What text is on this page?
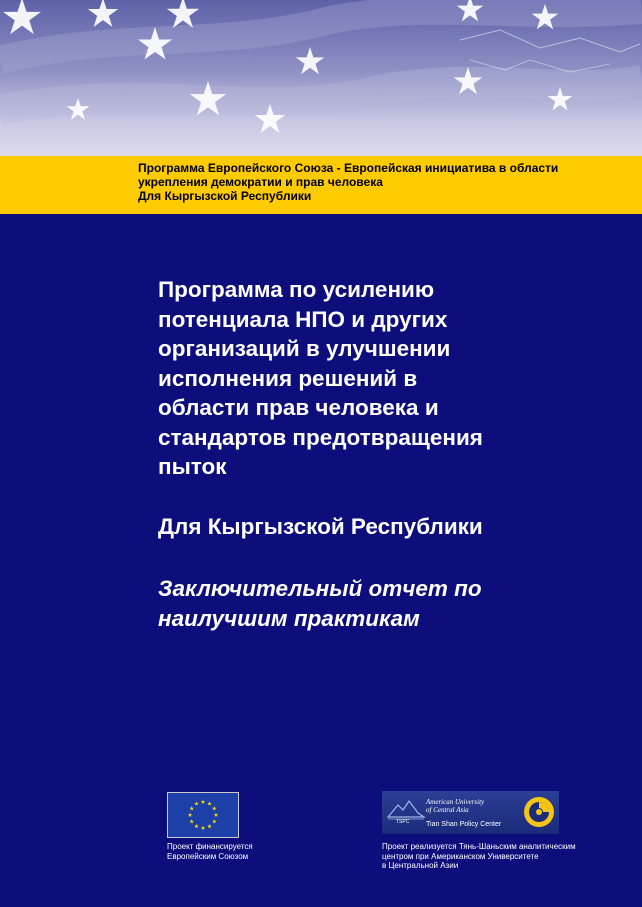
Программа Европейского Союза - Европейская инициатива в области
укрепления демократии и прав человека
Для Кыргызской Республики
Программа по усилению
потенциала НПО и других
организаций в улучшении
исполнения решений в
области прав человека и
стандартов предотвращения
пыток
Для Кыргызской Республики
Заключительный отчет по
наилучшим практикам
American University
of Central Asia
TSPC Tian Shan Policy Center
Проект финансируется
Европейским Союзом
Проект реализуется Тянь-Шаньским аналитическим
центром при Американском Университете
в Центральной Азии
